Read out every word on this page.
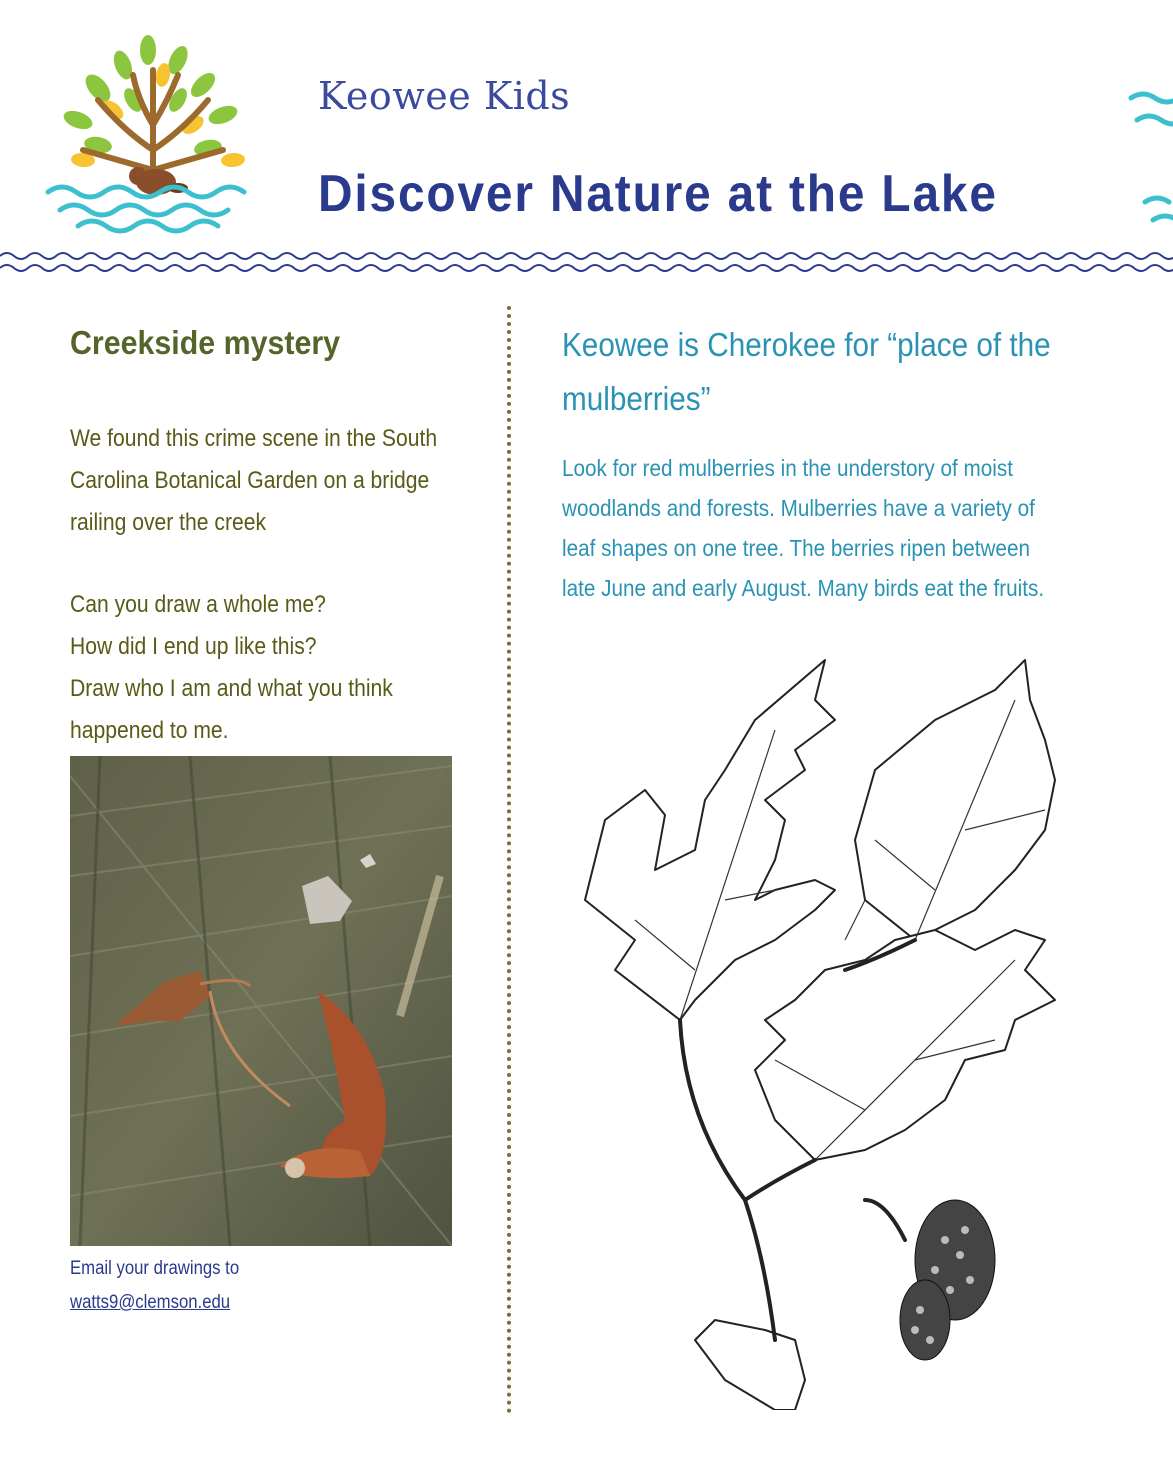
Keowee Kids
Discover Nature at the Lake
Creekside mystery

We found this crime scene in the South

Carolina Botanical Garden on a bridge

railing over the creek

Can you draw a whole me?

How did I end up like this?

Draw who I am and what you think

happened to me.

Email your drawings to

watts9@clemson.edu
Keowee is Cherokee for “place of the mulberries”

Look for red mulberries in the understory of moist

woodlands and forests. Mulberries have a variety of

leaf shapes on one tree. The berries ripen between

late June and early August. Many birds eat the fruits.
